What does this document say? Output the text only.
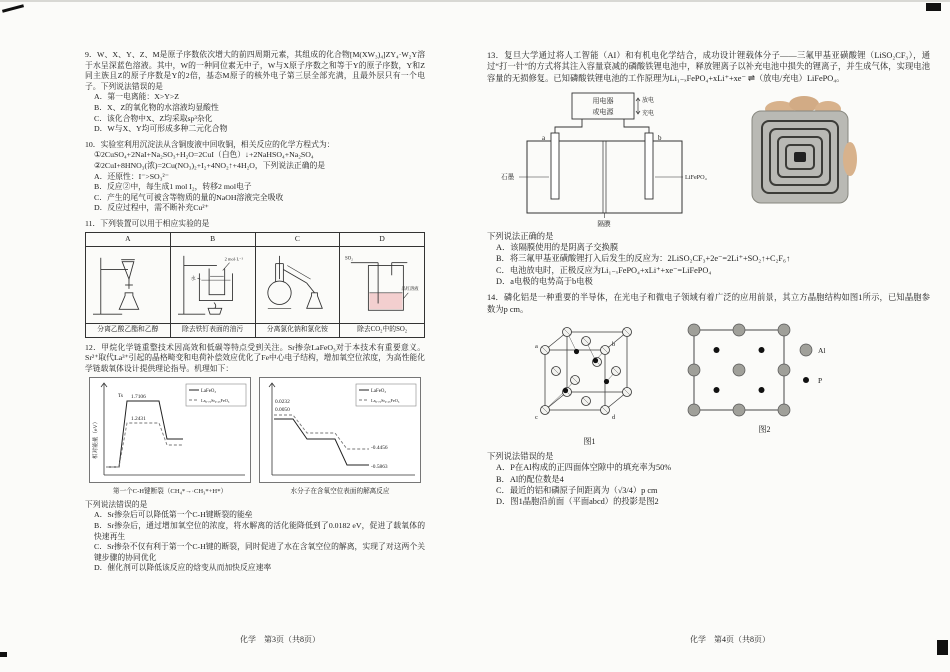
9．W、X、Y、Z、M是原子序数依次增大的前四周期元素，其组成的化合物[M(XW₃)₄]ZY₄·W₂Y溶于水呈深蓝色溶液。其中，W的一种同位素无中子，W与X原子序数之和等于Y的原子序数，Y和Z同主族且Z的原子序数是Y的2倍，基态M原子的核外电子第三层全部充满，且最外层只有一个电子。下列说法错误的是
A．第一电离能：X>Y>Z
B．X、Z的氧化物的水溶液均显酸性
C．该化合物中X、Z均采取sp³杂化
D．W与X、Y均可形成多种二元化合物
10．实验室利用沉淀法从含铜废液中回收铜，相关反应的化学方程式为：
①2CuSO₄+2NaI+Na₂SO₃+H₂O=2CuI（白色）↓+2NaHSO₄+Na₂SO₄
②2CuI+8HNO₃(浓)=2Cu(NO₃)₂+I₂+4NO₂↑+4H₂O，下列说法正确的是
A．还原性：I⁻>SO₃²⁻
B．反应②中，每生成1 mol I₂，转移2 mol电子
C．产生的尾气可被含等物质的量的NaOH溶液完全吸收
D．反应过程中，需不断补充Cu²⁺
11．下列装置可以用于相应实验的是
A	B	C	D

2 mol·L⁻¹
水		SO₂
品红溶液

分离乙酸乙酯和乙醇	除去铁钉表面的油污	分离氯化钠和氯化铵	除去CO₂中的SO₂
12．甲烷化学链重整技术因高效和低碳等特点受到关注。Sr掺杂LaFeO₃对于本技术有重要意义。Sr²⁺取代La³⁺引起的晶格畸变和电荷补偿效应优化了Fe中心电子结构，增加氧空位浓度，为高性能化学链载氧体设计提供理论指导。机理如下：
相对能量（eV）
Ts 1.7106
1.2431
LaFeO₃
La₀.₇₅Sr₀.₂₅FeO₃
第一个C-H键断裂（CH₄*→·CH₃*+H*）
0.0232
0.0050
-0.4456
-0.5863
LaFeO₃
La₀.₇₅Sr₀.₂₅FeO₃
水分子在含氧空位表面的解离反应
下列说法错误的是
A．Sr掺杂后可以降低第一个C-H键断裂的能垒
B．Sr掺杂后，通过增加氧空位的浓度，将水解离的活化能降低到了0.0182 eV，促进了载氧体的快速再生
C．Sr掺杂不仅有利于第一个C-H键的断裂，同时促进了水在含氧空位的解离，实现了对这两个关键步骤的协同优化
D．催化剂可以降低该反应的焓变从而加快反应速率
13．复旦大学通过将人工智能（AI）和有机电化学结合，成功设计锂载体分子——三氟甲基亚磺酸锂（LiSO₂CF₃），通过“打一针”的方式将其注入容量衰减的磷酸铁锂电池中，释放锂离子以补充电池中损失的锂离子，并生成气体，实现电池容量的无损修复。已知磷酸铁锂电池的工作原理为Li₁₋ₓFePO₄+xLi⁺+xe⁻ ⇌（放电/充电）LiFePO₄。
用电器
或电源
放电
充电
a	b
石墨	LiFePO₄
隔膜
下列说法正确的是
A．该隔膜使用的是阴离子交换膜
B．将三氟甲基亚磺酸锂打入后发生的反应为：2LiSO₂CF₃+2e⁻=2Li⁺+SO₂↑+C₂F₆↑
C．电池放电时，正极反应为Li₁₋ₓFePO₄+xLi⁺+xe⁻=LiFePO₄
D．a电极的电势高于b电极
14．磷化铝是一种重要的半导体，在光电子和微电子领域有着广泛的应用前景，其立方晶胞结构如图1所示，已知晶胞参数为p cm。
a	b
c	d
图1
Al
P
图2
下列说法错误的是
A．P在Al构成的正四面体空隙中的填充率为50%
B．Al的配位数是4
C．最近的铝和磷原子间距离为（√3/4）p cm
D．图1晶胞沿前面（平面abcd）的投影是图2
化学　第3页（共8页）	化学　第4页（共8页）
